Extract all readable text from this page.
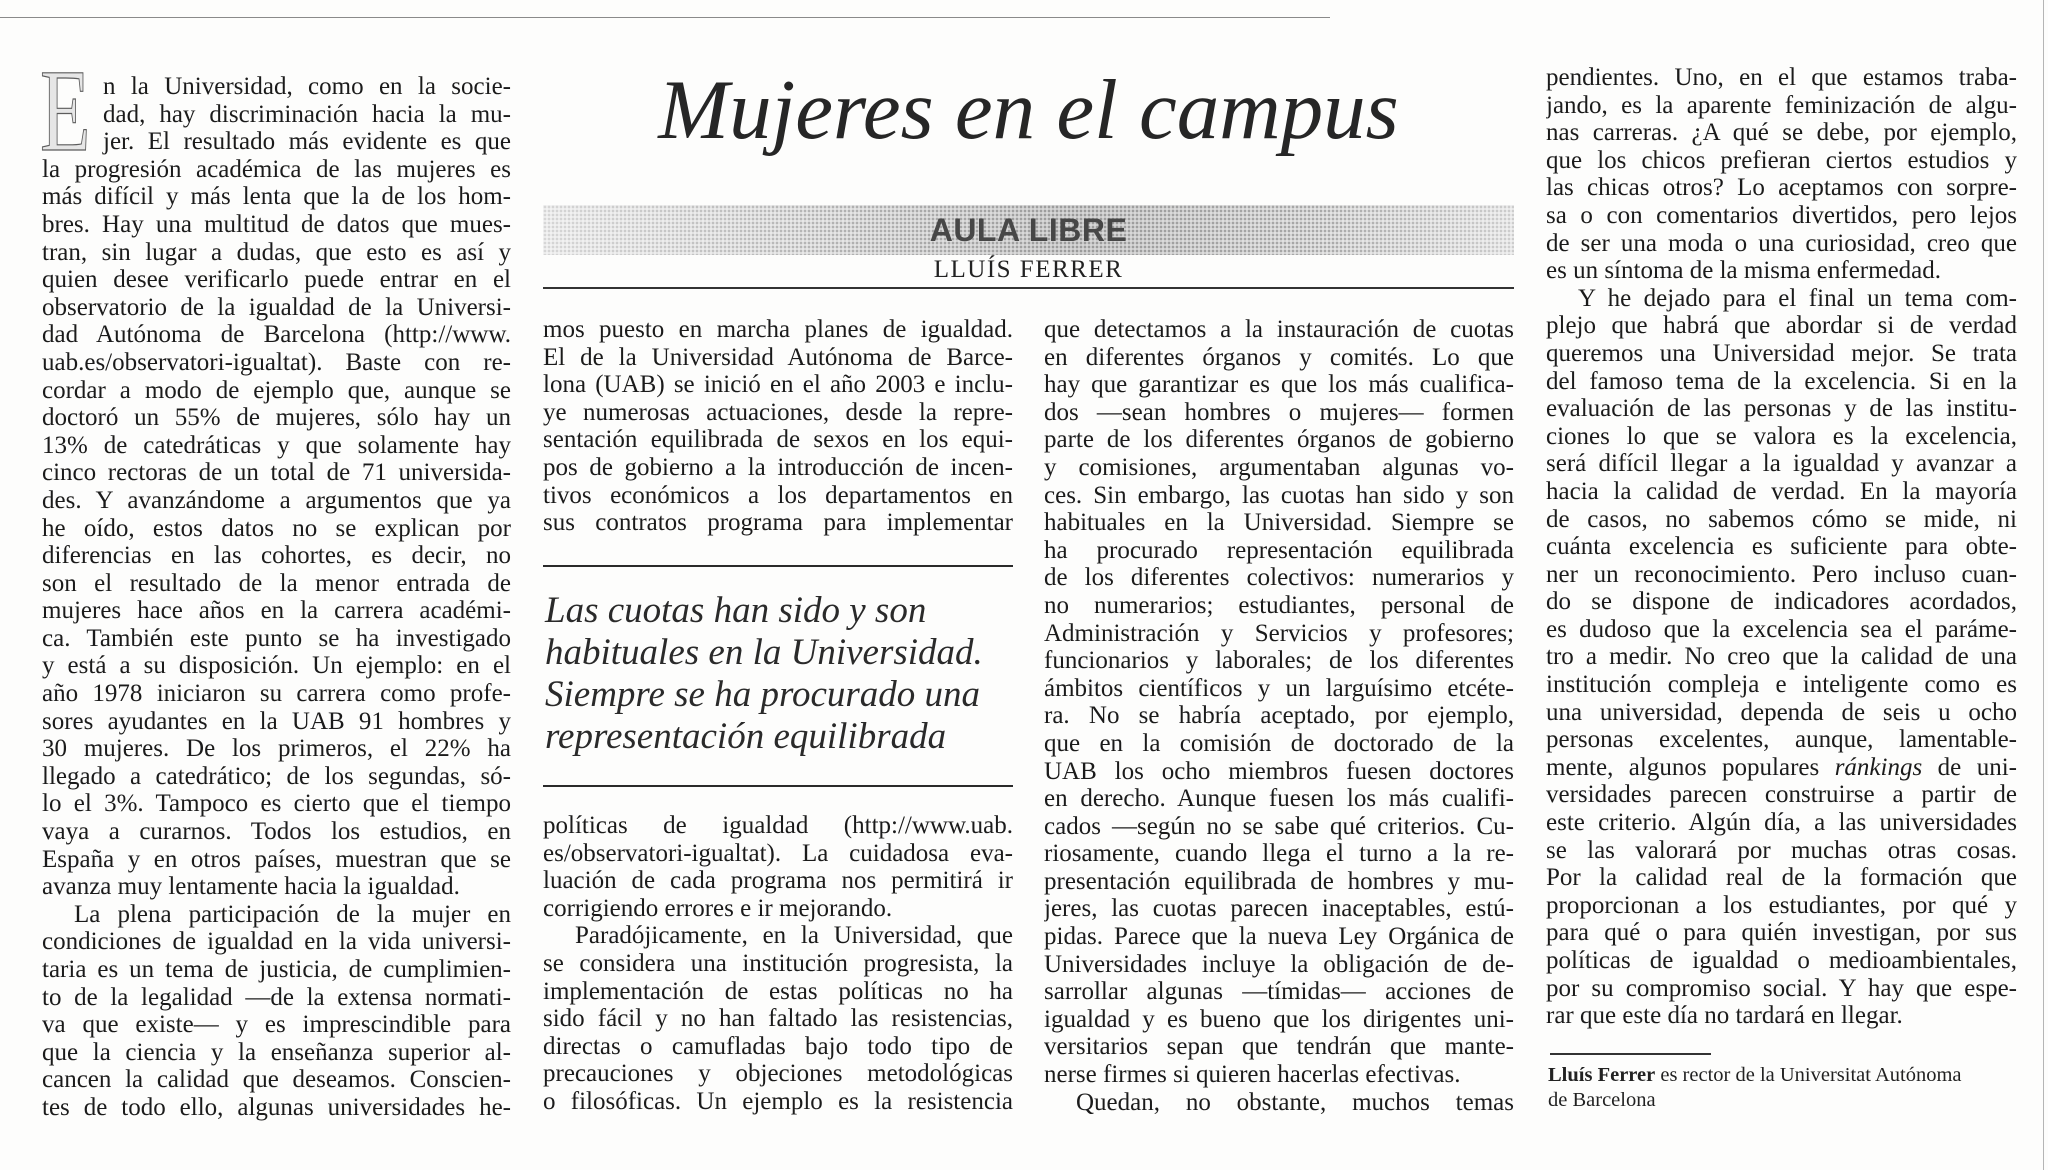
Mujeres en el campus
AULA LIBRE
LLUÍS FERRER
E n la Universidad, como en la socie-
dad, hay discriminación hacia la mu-
jer. El resultado más evidente es que
la progresión académica de las mujeres es
más difícil y más lenta que la de los hom-
bres. Hay una multitud de datos que mues-
tran, sin lugar a dudas, que esto es así y
quien desee verificarlo puede entrar en el
observatorio de la igualdad de la Universi-
dad Autónoma de Barcelona (http://www.
uab.es/observatori-igualtat). Baste con re-
cordar a modo de ejemplo que, aunque se
doctoró un 55% de mujeres, sólo hay un
13% de catedráticas y que solamente hay
cinco rectoras de un total de 71 universida-
des. Y avanzándome a argumentos que ya
he oído, estos datos no se explican por
diferencias en las cohortes, es decir, no
son el resultado de la menor entrada de
mujeres hace años en la carrera académi-
ca. También este punto se ha investigado
y está a su disposición. Un ejemplo: en el
año 1978 iniciaron su carrera como profe-
sores ayudantes en la UAB 91 hombres y
30 mujeres. De los primeros, el 22% ha
llegado a catedrático; de los segundas, só-
lo el 3%. Tampoco es cierto que el tiempo
vaya a curarnos. Todos los estudios, en
España y en otros países, muestran que se
avanza muy lentamente hacia la igualdad.
La plena participación de la mujer en
condiciones de igualdad en la vida universi-
taria es un tema de justicia, de cumplimien-
to de la legalidad —de la extensa normati-
va que existe— y es imprescindible para
que la ciencia y la enseñanza superior al-
cancen la calidad que deseamos. Conscien-
tes de todo ello, algunas universidades he-
mos puesto en marcha planes de igualdad.
El de la Universidad Autónoma de Barce-
lona (UAB) se inició en el año 2003 e inclu-
ye numerosas actuaciones, desde la repre-
sentación equilibrada de sexos en los equi-
pos de gobierno a la introducción de incen-
tivos económicos a los departamentos en
sus contratos programa para implementar
políticas de igualdad (http://www.uab.
es/observatori-igualtat). La cuidadosa eva-
luación de cada programa nos permitirá ir
corrigiendo errores e ir mejorando.
Paradójicamente, en la Universidad, que
se considera una institución progresista, la
implementación de estas políticas no ha
sido fácil y no han faltado las resistencias,
directas o camufladas bajo todo tipo de
precauciones y objeciones metodológicas
o filosóficas. Un ejemplo es la resistencia
que detectamos a la instauración de cuotas
en diferentes órganos y comités. Lo que
hay que garantizar es que los más cualifica-
dos —sean hombres o mujeres— formen
parte de los diferentes órganos de gobierno
y comisiones, argumentaban algunas vo-
ces. Sin embargo, las cuotas han sido y son
habituales en la Universidad. Siempre se
ha procurado representación equilibrada
de los diferentes colectivos: numerarios y
no numerarios; estudiantes, personal de
Administración y Servicios y profesores;
funcionarios y laborales; de los diferentes
ámbitos científicos y un larguísimo etcéte-
ra. No se habría aceptado, por ejemplo,
que en la comisión de doctorado de la
UAB los ocho miembros fuesen doctores
en derecho. Aunque fuesen los más cualifi-
cados —según no se sabe qué criterios. Cu-
riosamente, cuando llega el turno a la re-
presentación equilibrada de hombres y mu-
jeres, las cuotas parecen inaceptables, estú-
pidas. Parece que la nueva Ley Orgánica de
Universidades incluye la obligación de de-
sarrollar algunas —tímidas— acciones de
igualdad y es bueno que los dirigentes uni-
versitarios sepan que tendrán que mante-
nerse firmes si quieren hacerlas efectivas.
Quedan, no obstante, muchos temas
pendientes. Uno, en el que estamos traba-
jando, es la aparente feminización de algu-
nas carreras. ¿A qué se debe, por ejemplo,
que los chicos prefieran ciertos estudios y
las chicas otros? Lo aceptamos con sorpre-
sa o con comentarios divertidos, pero lejos
de ser una moda o una curiosidad, creo que
es un síntoma de la misma enfermedad.
Y he dejado para el final un tema com-
plejo que habrá que abordar si de verdad
queremos una Universidad mejor. Se trata
del famoso tema de la excelencia. Si en la
evaluación de las personas y de las institu-
ciones lo que se valora es la excelencia,
será difícil llegar a la igualdad y avanzar a
hacia la calidad de verdad. En la mayoría
de casos, no sabemos cómo se mide, ni
cuánta excelencia es suficiente para obte-
ner un reconocimiento. Pero incluso cuan-
do se dispone de indicadores acordados,
es dudoso que la excelencia sea el paráme-
tro a medir. No creo que la calidad de una
institución compleja e inteligente como es
una universidad, dependa de seis u ocho
personas excelentes, aunque, lamentable-
mente, algunos populares ránkings de uni-
versidades parecen construirse a partir de
este criterio. Algún día, a las universidades
se las valorará por muchas otras cosas.
Por la calidad real de la formación que
proporcionan a los estudiantes, por qué y
para qué o para quién investigan, por sus
políticas de igualdad o medioambientales,
por su compromiso social. Y hay que espe-
rar que este día no tardará en llegar.
Las cuotas han sido y son
habituales en la Universidad.
Siempre se ha procurado una
representación equilibrada
Lluís Ferrer es rector de la Universitat Autónoma
de Barcelona
